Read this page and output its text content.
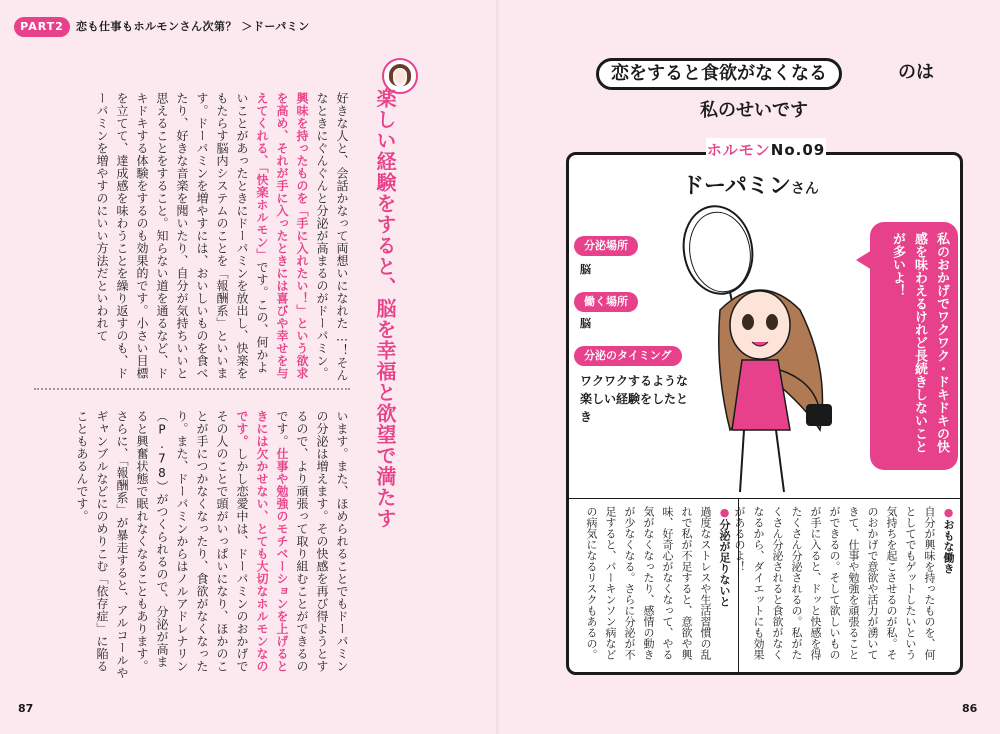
PART2	恋も仕事もホルモンさん次第？ ＞ドーパミン
楽しい経験をすると、脳を幸福と欲望で満たす
好きな人と、会話かなって両想いになれた…！そんなときにぐんぐんと分泌が高まるのがドーパミン。興味を持ったものを「手に入れたい！」という欲求を高め、それが手に入ったときには喜びや幸せを与えてくれる、「快楽ホルモン」です。この、何かよいことがあったときにドーパミンを放出し、快楽をもたらす脳内システムのことを「報酬系」といいます。ドーパミンを増やすには、おいしいものを食べたり、好きな音楽を聞いたり、自分が気持ちいいと思えることをすること。知らない道を通るなど、ドキドキする体験をするのも効果的です。小さい目標を立てて、達成感を味わうことを繰り返すのも、ドーパミンを増やすのにいい方法だといわれて
います。また、ほめられることでもドーパミンの分泌は増えます。その快感を再び得ようとするので、より頑張って取り組むことができるのです。仕事や勉強のモチベーションを上げるときには欠かせない、とても大切なホルモンなのです。しかし恋愛中は、ドーパミンのおかげでその人のことで頭がいっぱいになり、ほかのことが手につかなくなったり、食欲がなくなったり。また、ドーパミンからはノルアドレナリン（P.78）がつくられるので、分泌が高まると興奮状態で眠れなくなることもあります。さらに、「報酬系」が暴走すると、アルコールやギャンブルなどにのめりこむ「依存症」に陥ることもあるんです。
87
恋をすると食欲がなくなる	のは
私のせいです
ホルモンNo.09
ドーパミンさん
分泌場所
脳
働く場所
脳
分泌のタイミング
ワクワクするような楽しい経験をしたとき	私のおかげでワクワク・ドキドキの快感を味わえるけれど長続きしないことが多いよ！
●おもな働き
自分が興味を持ったものを、何としてでもゲットしたいという気持ちを起こさせるのが私。そのおかげで意欲や活力が湧いてきて、仕事や勉強を頑張ることができるの。そして欲しいものが手に入ると、ドッと快感を得たくさん分泌されるの。私がたくさん分泌されると食欲がなくなるから、ダイエットにも効果があるのよ！
●分泌が足りないと
過度なストレスや生活習慣の乱れで私が不足すると、意欲や興味、好奇心がなくなって、やる気がなくなったり、感情の動きが少なくなる。さらに分泌が不足すると、パーキンソン病などの病気になるリスクもあるの。
86
